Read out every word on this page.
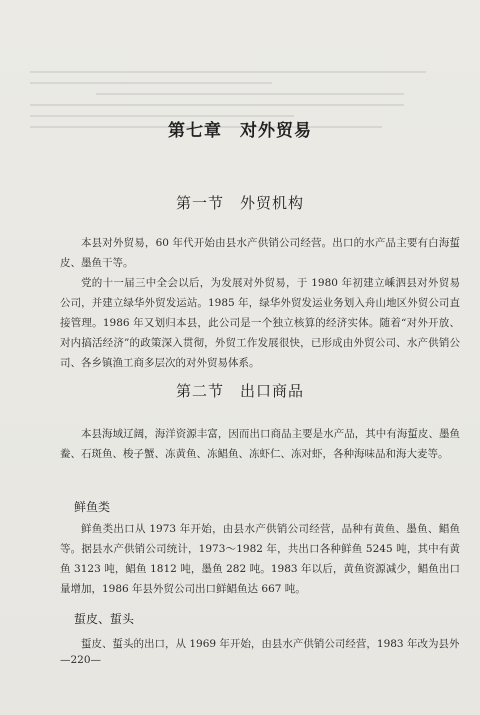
第七章　对外贸易
第一节　外贸机构
本县对外贸易，60 年代开始由县水产供销公司经营。出口的水产品主要有白海蜇皮、墨鱼干等。
党的十一届三中全会以后，为发展对外贸易，于 1980 年初建立嵊泗县对外贸易公司，并建立绿华外贸发运站。1985 年，绿华外贸发运业务划入舟山地区外贸公司直接管理。1986 年又划归本县，此公司是一个独立核算的经济实体。随着“对外开放、对内搞活经济”的政策深入贯彻，外贸工作发展很快，已形成由外贸公司、水产供销公司、各乡镇渔工商多层次的对外贸易体系。
第二节　出口商品
本县海域辽阔，海洋资源丰富，因而出口商品主要是水产品，其中有海蜇皮、墨鱼鲞、石斑鱼、梭子蟹、冻黄鱼、冻鲳鱼、冻虾仁、冻对虾，各种海味品和海大麦等。
鲜鱼类
鲜鱼类出口从 1973 年开始，由县水产供销公司经营，品种有黄鱼、墨鱼、鲳鱼等。据县水产供销公司统计，1973～1982 年，共出口各种鲜鱼 5245 吨，其中有黄鱼 3123 吨，鲳鱼 1812 吨，墨鱼 282 吨。1983 年以后，黄鱼资源减少，鲳鱼出口量增加，1986 年县外贸公司出口鲜鲳鱼达 667 吨。
蜇皮、蜇头
蜇皮、蜇头的出口，从 1969 年开始，由县水产供销公司经营，1983 年改为县外
—220—
